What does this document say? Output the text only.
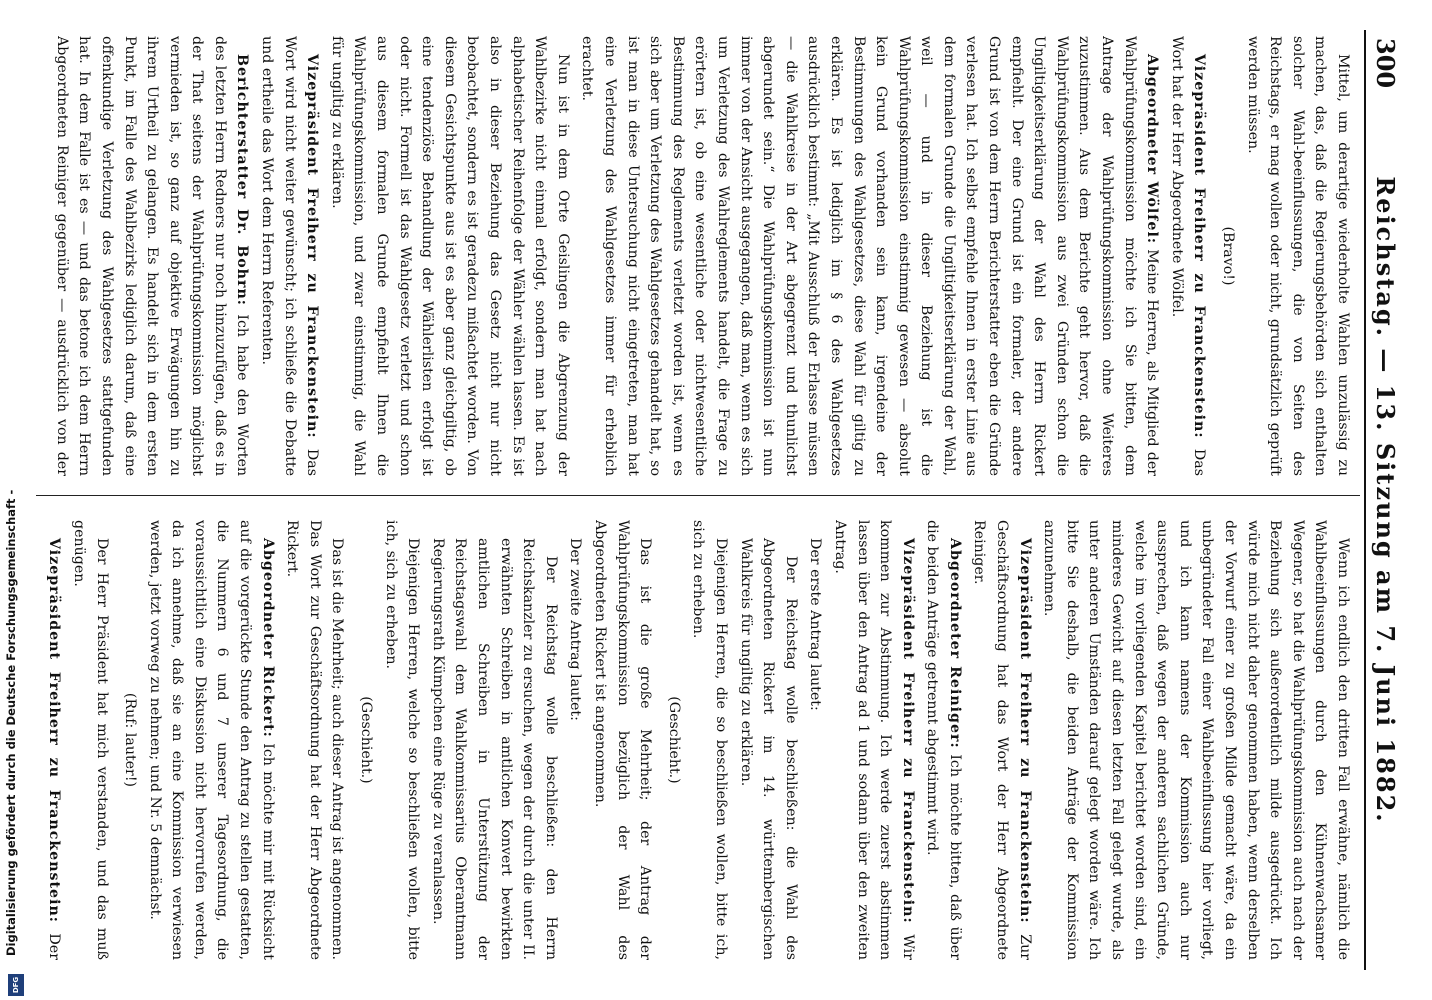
300
Reichstag. — 13. Sitzung am 7. Juni 1882.

Mittel, um derartige wiederholte Wahlen unzulässig zu machen, das, daß die Regierungsbehörden sich enthalten solcher Wahl-beeinflussungen, die von Seiten des Reichstags, er mag wollen oder nicht, grundsätzlich geprüft werden müssen.

(Bravo!)

Vizepräsident Freiherr zu Franckenstein: Das Wort hat der Herr Abgeordnete Wölfel.

Abgeordneter Wölfel: Meine Herren, als Mitglied der Wahlprüfungskommission möchte ich Sie bitten, dem Antrage der Wahlprüfungskommission ohne Weiteres zuzustimmen. Aus dem Berichte geht hervor, daß die Wahlprüfungskommission aus zwei Gründen schon die Ungiltigkeitserklärung der Wahl des Herrn Rickert empfiehlt. Der eine Grund ist ein formaler, der andere Grund ist von dem Herrn Berichterstatter eben die Gründe verlesen hat. Ich selbst empfehle Ihnen in erster Linie aus dem formalen Grunde die Ungiltigkeitserklärung der Wahl, weil — und in dieser Beziehung ist die Wahlprüfungskommission einstimmig gewesen — absolut kein Grund vorhanden sein kann, irgendeine der Bestimmungen des Wahlgesetzes, diese Wahl für giltig zu erklären. Es ist lediglich im § 6 des Wahlgesetzes ausdrücklich bestimmt: „Mit Ausschluß der Erlasse müssen — die Wahlkreise in der Art abgegrenzt und thunlichst abgerundet sein.“ Die Wahlprüfungskommission ist nun immer von der Ansicht ausgegangen, daß man, wenn es sich um Verletzung des Wahlreglements handelt, die Frage zu erörtern ist, ob eine wesentliche oder nichtwesentliche Bestimmung des Reglements verletzt worden ist, wenn es sich aber um Verletzung des Wahlgesetzes gehandelt hat, so ist man in diese Untersuchung nicht eingetreten, man hat eine Verletzung des Wahlgesetzes immer für erheblich erachtet.

Nun ist in dem Orte Geislingen die Abgrenzung der Wahlbezirke nicht einmal erfolgt, sondern man hat nach alphabetischer Reihenfolge der Wähler wählen lassen. Es ist also in dieser Beziehung das Gesetz nicht nur nicht beobachtet, sondern es ist geradezu mißachtet worden. Von diesem Gesichtspunkte aus ist es aber ganz gleichgiltig, ob eine tendenziöse Behandlung der Wählerlisten erfolgt ist oder nicht. Formell ist das Wahlgesetz verletzt und schon aus diesem formalen Grunde empfiehlt Ihnen die Wahlprüfungskommission, und zwar einstimmig, die Wahl für ungiltig zu erklären.

Vizepräsident Freiherr zu Franckenstein: Das Wort wird nicht weiter gewünscht; ich schließe die Debatte und ertheile das Wort dem Herrn Referenten.

Berichterstatter Dr. Bohrn: Ich habe den Worten des letzten Herrn Redners nur noch hinzuzufügen, daß es in der That seitens der Wahlprüfungskommission möglichst vermieden ist, so ganz auf objektive Erwägungen hin zu ihrem Urtheil zu gelangen. Es handelt sich in dem ersten Punkt, im Falle des Wahlbezirks lediglich darum, daß eine offenkundige Verletzung des Wahlgesetzes stattgefunden hat. In dem Falle ist es — und das betone ich dem Herrn Abgeordneten Reiniger gegenüber — ausdrücklich von der

Wenn ich endlich den dritten Fall erwähne, nämlich die Wahlbeeinflussungen durch den Kühnenwachsamer Wegener, so hat die Wahlprüfungskommission auch nach der Beziehung sich außerordentlich milde ausgedrückt. Ich würde mich nicht daher genommen haben, wenn derselben der Vorwurf einer zu großen Milde gemacht wäre, da ein unbegründeter Fall einer Wahlbeeinflussung hier vorliegt, und ich kann namens der Kommission auch nur aussprechen, daß wegen der anderen sachlichen Gründe, welche im vorliegenden Kapitel berichtet worden sind, ein minderes Gewicht auf diesen letzten Fall gelegt wurde, als unter anderen Umständen darauf gelegt worden wäre. Ich bitte Sie deshalb, die beiden Anträge der Kommission anzunehmen.

Vizepräsident Freiherr zu Franckenstein: Zur Geschäftsordnung hat das Wort der Herr Abgeordnete Reiniger.

Abgeordneter Reiniger: Ich möchte bitten, daß über die beiden Anträge getrennt abgestimmt wird.

Vizepräsident Freiherr zu Franckenstein: Wir kommen zur Abstimmung. Ich werde zuerst abstimmen lassen über den Antrag ad 1 und sodann über den zweiten Antrag.

Der erste Antrag lautet:

Der Reichstag wolle beschließen: die Wahl des Abgeordneten Rickert im 14. württembergischen Wahlkreis für ungiltig zu erklären.

Diejenigen Herren, die so beschließen wollen, bitte ich, sich zu erheben.

(Geschieht.)

Das ist die große Mehrheit; der Antrag der Wahlprüfungskommission bezüglich der Wahl des Abgeordneten Rickert ist angenommen.

Der zweite Antrag lautet:

Der Reichstag wolle beschließen: den Herrn Reichskanzler zu ersuchen, wegen der durch die unter II. erwähnten Schreiben in amtlichen Konvert bewirkten amtlichen Schreiben in Unterstützung der Reichstagswahl dem Wahlkommissarius Oberamtmann Regierungsrath Kümpchen eine Rüge zu veranlassen.

Diejenigen Herren, welche so beschließen wollen, bitte ich, sich zu erheben.

(Geschieht.)

Das ist die Mehrheit; auch dieser Antrag ist angenommen. Das Wort zur Geschäftsordnung hat der Herr Abgeordnete Rickert.

Abgeordneter Rickert: Ich möchte mir mit Rücksicht auf die vorgerückte Stunde den Antrag zu stellen gestatten, die Nummern 6 und 7 unserer Tagesordnung, die voraussichtlich eine Diskussion nicht hervorrufen werden, da ich annehme, daß sie an eine Kommission verwiesen werden, jetzt vorweg zu nehmen; und Nr. 5 demnächst.

(Ruf: lauter!)

Der Herr Präsident hat mich verstanden, und das muß genügen.

Vizepräsident Freiherr zu Franckenstein: Der

Digitalisierung gefördert durch die Deutsche Forschungsgemeinschaft -
DFG
